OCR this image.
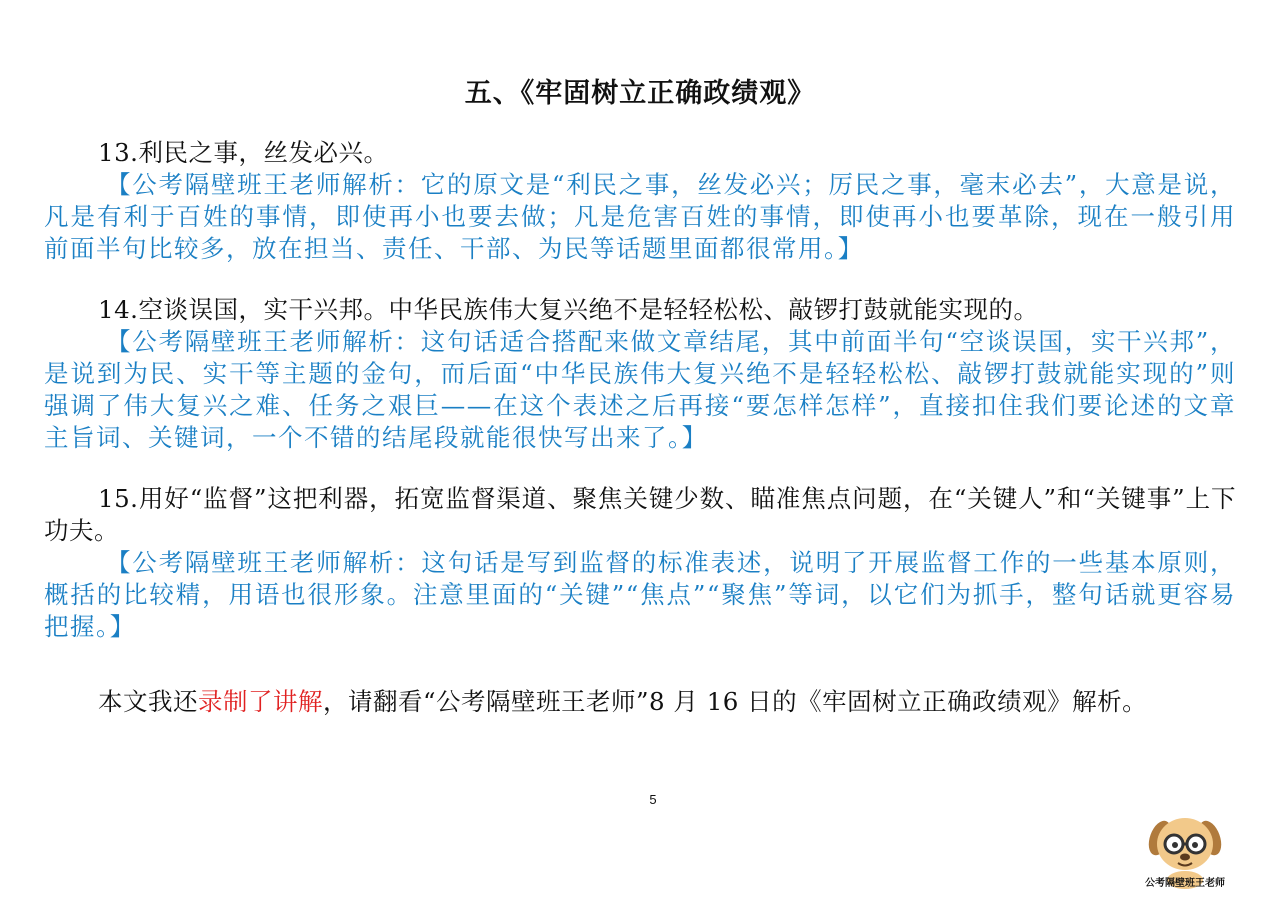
五、《牢固树立正确政绩观》

13.利民之事，丝发必兴。

【公考隔壁班王老师解析：它的原文是“利民之事，丝发必兴；厉民之事，毫末必去”，大意是说，凡是有利于百姓的事情，即使再小也要去做；凡是危害百姓的事情，即使再小也要革除，现在一般引用前面半句比较多，放在担当、责任、干部、为民等话题里面都很常用。】

14.空谈误国，实干兴邦。中华民族伟大复兴绝不是轻轻松松、敲锣打鼓就能实现的。

【公考隔壁班王老师解析：这句话适合搭配来做文章结尾，其中前面半句“空谈误国，实干兴邦”，是说到为民、实干等主题的金句，而后面“中华民族伟大复兴绝不是轻轻松松、敲锣打鼓就能实现的”则强调了伟大复兴之难、任务之艰巨——在这个表述之后再接“要怎样怎样”，直接扣住我们要论述的文章主旨词、关键词，一个不错的结尾段就能很快写出来了。】

15.用好“监督”这把利器，拓宽监督渠道、聚焦关键少数、瞄准焦点问题，在“关键人”和“关键事”上下功夫。

【公考隔壁班王老师解析：这句话是写到监督的标准表述，说明了开展监督工作的一些基本原则，概括的比较精，用语也很形象。注意里面的“关键”“焦点”“聚焦”等词，以它们为抓手，整句话就更容易把握。】

本文我还录制了讲解，请翻看“公考隔壁班王老师”8 月 16 日的《牢固树立正确政绩观》解析。

5
公考隔壁班王老师
